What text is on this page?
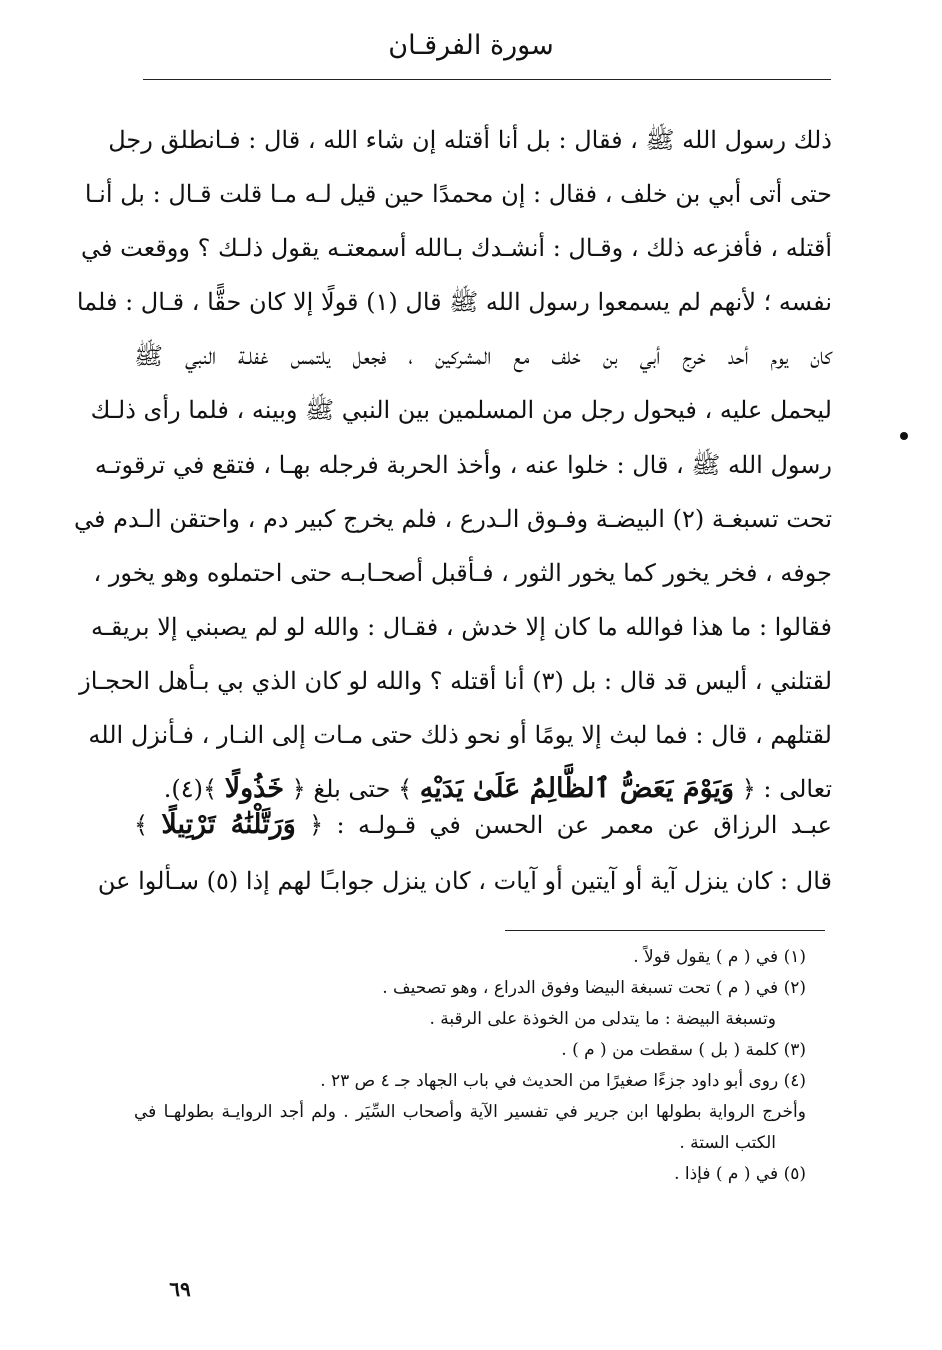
سورة الفرقـان
ذلك رسول الله ﷺ ، فقال : بل أنا أقتله إن شاء الله ، قال : فـانطلق رجل
حتى أتى أبي بن خلف ، فقال : إن محمدًا حين قيل لـه مـا قلت قـال : بل أنـا
أقتله ، فأفزعه ذلك ، وقـال : أنشـدك بـالله أسمعتـه يقول ذلـك ؟ ووقعت في
نفسه ؛ لأنهم لم يسمعوا رسول الله ﷺ قال (١) قولًا إلا كان حقًّا ، قـال : فلما
كان يوم أحد خرج أبي بن خلف مع المشركين ، فجعل يلتمس غفلـة النبي ﷺ
ليحمل عليه ، فيحول رجل من المسلمين بين النبي ﷺ وبينه ، فلما رأى ذلـك
رسول الله ﷺ ، قال : خلوا عنه ، وأخذ الحربة فرجله بهـا ، فتقع في ترقوتـه
تحت تسبغـة (٢) البيضـة وفـوق الـدرع ، فلم يخرج كبير دم ، واحتقن الـدم في
جوفه ، فخر يخور كما يخور الثور ، فـأقبل أصحـابـه حتى احتملوه وهو يخور ،
فقالوا : ما هذا فوالله ما كان إلا خدش ، فقـال : والله لو لم يصبني إلا بريقـه
لقتلني ، أليس قد قال : بل (٣) أنا أقتله ؟ والله لو كان الذي بي بـأهل الحجـاز
لقتلهم ، قال : فما لبث إلا يومًا أو نحو ذلك حتى مـات إلى النـار ، فـأنزل الله
تعالى : ﴿ وَيَوْمَ يَعَضُّ ٱلظَّالِمُ عَلَىٰ يَدَيْهِ ﴾ حتى بلغ ﴿ خَذُولًا ﴾(٤).
عبـد الرزاق عن معمر عن الحسن في قـولـه : ﴿ وَرَتَّلْنَٰهُ تَرْتِيلًا ﴾
قال : كان ينزل آية أو آيتين أو آيات ، كان ينزل جوابـًا لهم إذا (٥) سـألوا عن
(١) في ( م ) يقول قولاً .
(٢) في ( م ) تحت تسبغة البيضا وفوق الدراع ، وهو تصحيف .
وتسبغة البيضة : ما يتدلى من الخوذة على الرقبة .
(٣) كلمة ( بل ) سقطت من ( م ) .
(٤) روى أبو داود جزءًا صغيرًا من الحديث في باب الجهاد جـ ٤ ص ٢٣ .
وأخرج الرواية بطولها ابن جرير في تفسير الآية وأصحاب السِّيَر . ولم أجد الروايـة بطولهـا في
الكتب الستة .
(٥) في ( م ) فإذا .
٦٩
